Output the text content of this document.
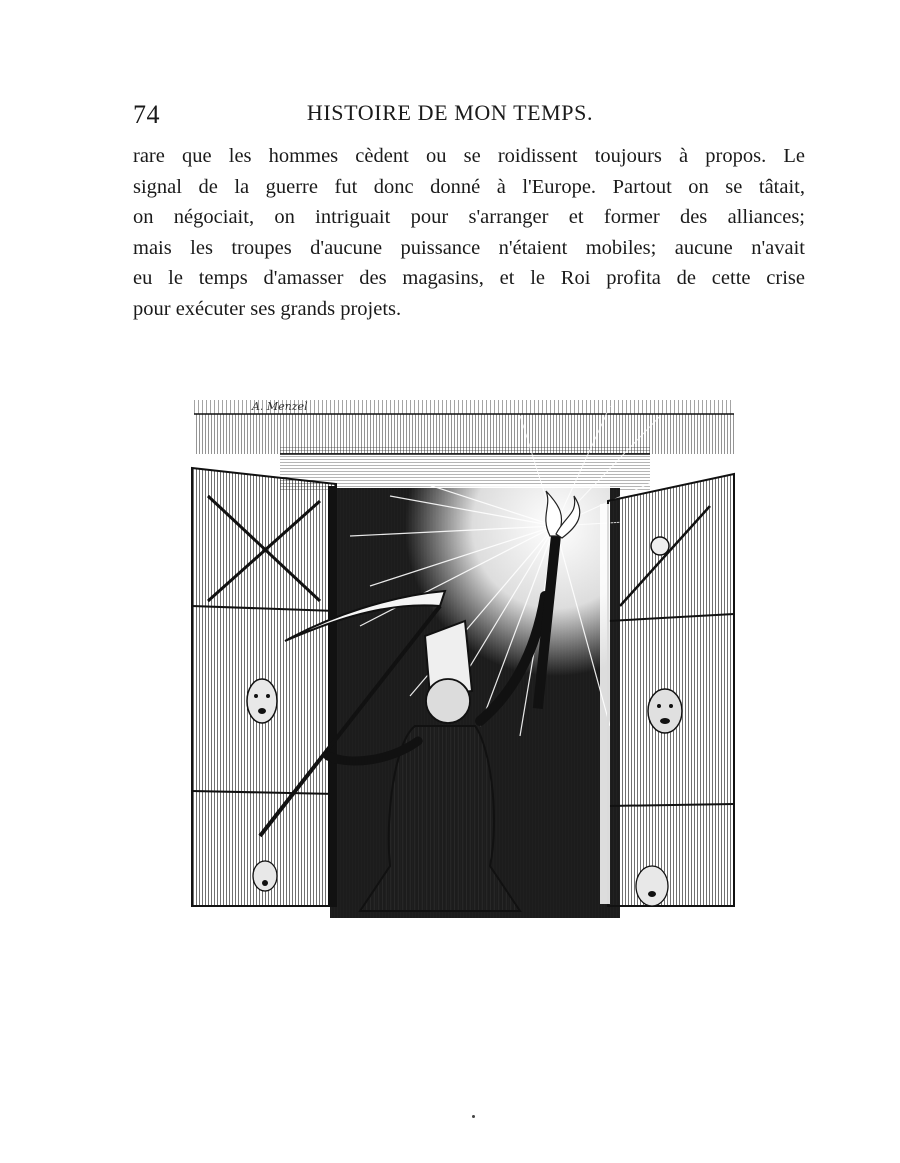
74	HISTOIRE DE MON TEMPS.
rare que les hommes cèdent ou se roidissent toujours à propos. Le
signal de la guerre fut donc donné à l'Europe. Partout on se tâtait,
on négociait, on intriguait pour s'arranger et former des alliances;
mais les troupes d'aucune puissance n'étaient mobiles; aucune n'avait
eu le temps d'amasser des magasins, et le Roi profita de cette crise
pour exécuter ses grands projets.
A. Menzel
